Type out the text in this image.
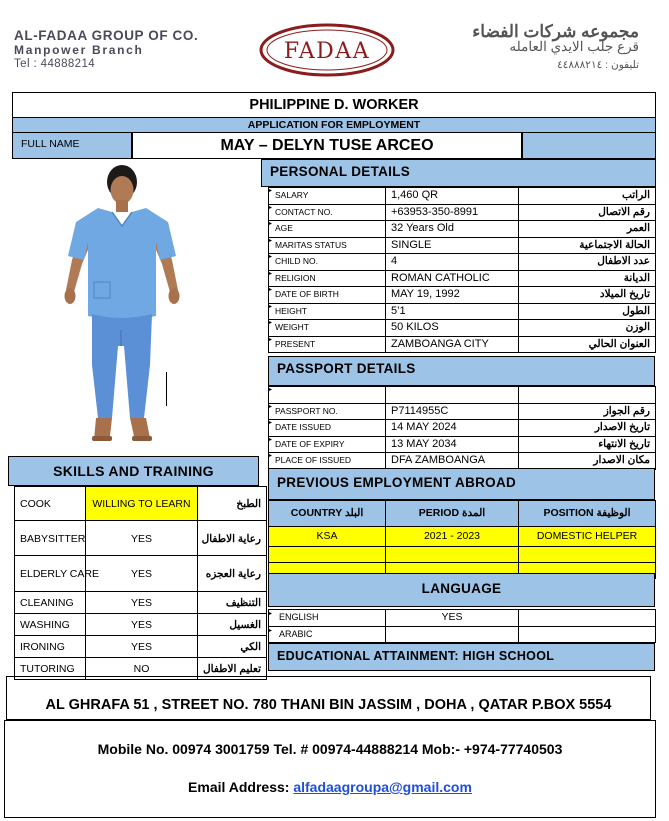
AL-FADAA GROUP OF CO.
Manpower Branch
Tel : 44888214	FADAA
مجموعه شركات الفضاء
قرع جلب الايدي العامله
تليفون : ٤٤٨٨٨٢١٤
PHILIPPINE D. WORKER
APPLICATION FOR EMPLOYMENT
FULL NAME	MAY – DELYN TUSE ARCEO
PERSONAL DETAILS
▸ SALARY	1,460 QR	الراتب
▸ CONTACT NO.	+63953-350-8991	رقم الاتصال
▸ AGE	32 Years Old	العمر
▸ MARITAS STATUS	SINGLE	الحالة الاجتماعية
▸ CHILD NO.	4	عدد الاطفال
▸ RELIGION	ROMAN CATHOLIC	الديانة
▸ DATE OF BIRTH	MAY 19, 1992	تاريخ الميلاد
▸ HEIGHT	5’1	الطول
▸ WEIGHT	50 KILOS	الوزن
▸ PRESENT	ZAMBOANGA CITY	العنوان الحالي
PASSPORT DETAILS
▸		
▸ PASSPORT NO.	P7114955C	رقم الجواز
▸ DATE ISSUED	14 MAY 2024	تاريخ الاصدار
▸ DATE OF EXPIRY	13 MAY 2034	تاريخ الانتهاء
▸ PLACE OF ISSUED	DFA ZAMBOANGA	مكان الاصدار
SKILLS AND TRAINING
COOK	WILLING TO LEARN	الطبخ
BABYSITTER	YES	رعاية الاطفال
ELDERLY CARE	YES	رعاية العجزه
CLEANING	YES	التنظيف
WASHING	YES	الغسيل
IRONING	YES	الكي
TUTORING	NO	تعليم الاطفال
PREVIOUS EMPLOYMENT ABROAD
COUNTRY البلد	PERIOD المدة	POSITION الوظيفة
KSA	2021 - 2023	DOMESTIC HELPER

LANGUAGE
▸ ENGLISH	YES	
▸ ARABIC		
EDUCATIONAL ATTAINMENT: HIGH SCHOOL
AL GHRAFA 51 , STREET NO. 780 THANI BIN JASSIM , DOHA , QATAR P.BOX 5554
Mobile No. 00974 3001759 Tel. # 00974-44888214 Mob:- +974-77740503
Email Address: alfadaagroupa@gmail.com
